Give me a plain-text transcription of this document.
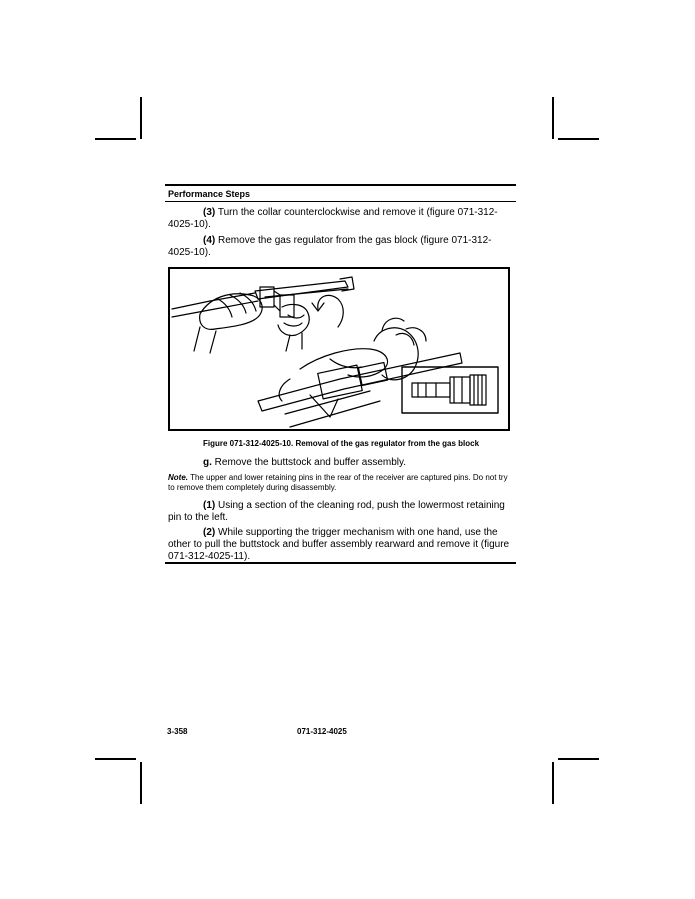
Performance Steps
(3) Turn the collar counterclockwise and remove it (figure 071-312-4025-10).
(4) Remove the gas regulator from the gas block (figure 071-312-4025-10).
Figure 071-312-4025-10. Removal of the gas regulator from the gas block
g. Remove the buttstock and buffer assembly.
Note. The upper and lower retaining pins in the rear of the receiver are captured pins. Do not try to remove them completely during disassembly.
(1) Using a section of the cleaning rod, push the lowermost retaining pin to the left.
(2) While supporting the trigger mechanism with one hand, use the other to pull the buttstock and buffer assembly rearward and remove it (figure 071-312-4025-11).
3-358	071-312-4025
